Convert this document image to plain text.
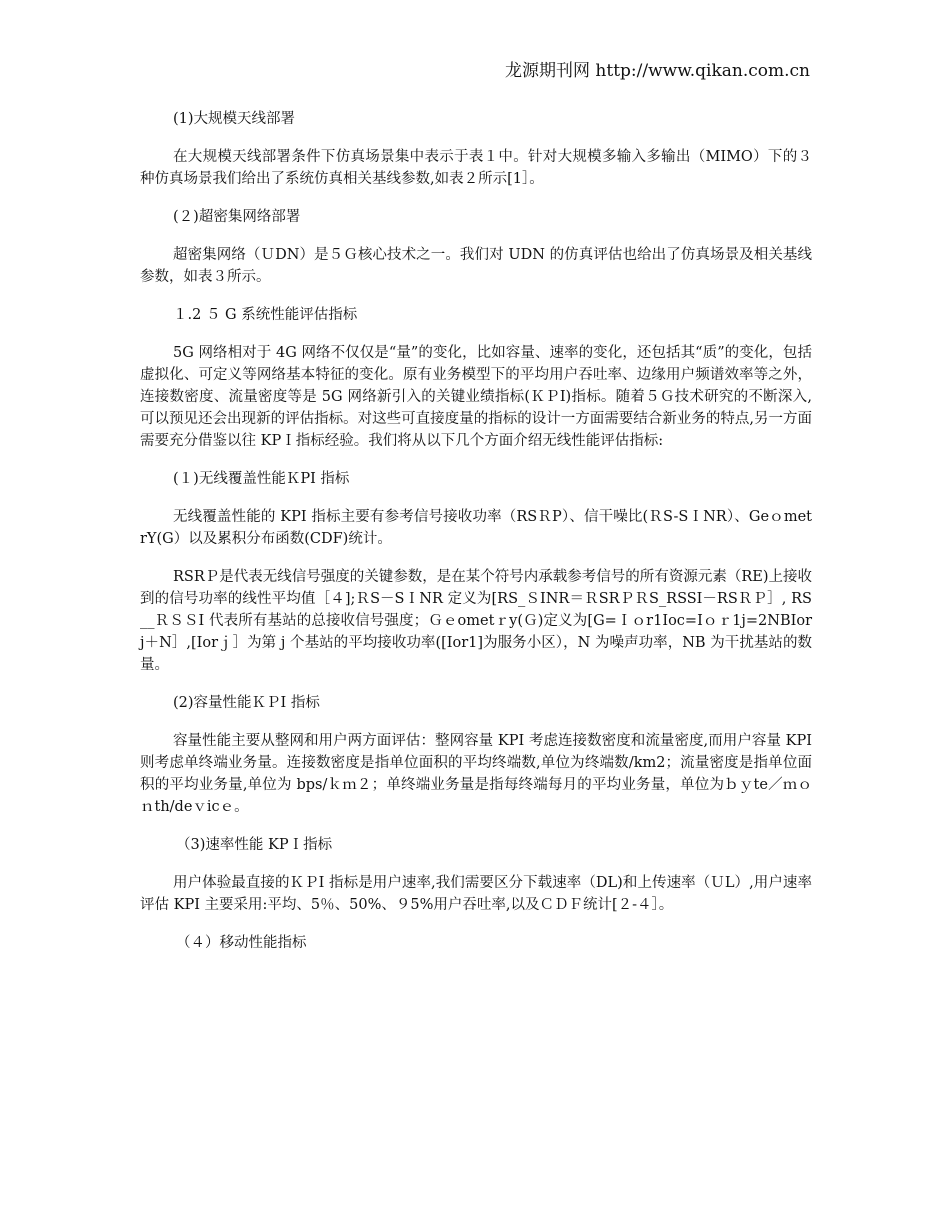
龙源期刊网 http://www.qikan.com.cn

(1)大规模天线部署

在大规模天线部署条件下仿真场景集中表示于表１中。针对大规模多输入多输出（MIMO）下的３种仿真场景我们给出了系统仿真相关基线参数,如表２所示[1］。

(２)超密集网络部署

超密集网络（ＵDN）是５Ｇ核心技术之一。我们对 UDN 的仿真评估也给出了仿真场景及相关基线参数，如表３所示。

１.2 ５ G 系统性能评估指标

5G 网络相对于 4G 网络不仅仅是“量”的变化，比如容量、速率的变化，还包括其“质”的变化，包括虚拟化、可定义等网络基本特征的变化。原有业务模型下的平均用户吞吐率、边缘用户频谱效率等之外，连接数密度、流量密度等是 5G 网络新引入的关键业绩指标(ＫＰI)指标。随着５Ｇ技术研究的不断深入,可以预见还会出现新的评估指标。对这些可直接度量的指标的设计一方面需要结合新业务的特点,另一方面需要充分借鉴以往 KPＩ指标经验。我们将从以下几个方面介绍无线性能评估指标:

(１)无线覆盖性能ＫPI 指标

无线覆盖性能的 KPI 指标主要有参考信号接收功率（RSＲP）、信干噪比(ＲS-SＩNR）、GeｏmetrY(G）以及累积分布函数(CDF)统计。

RSRＰ是代表无线信号强度的关键参数，是在某个符号内承载参考信号的所有资源元素（RE)上接收到的信号功率的线性平均值［４];ＲS－SＩNR 定义为[RS_ＳINR＝ＲSRＰＲS_RSSI－RSＲＰ］, RS__ＲＳＳI 代表所有基站的总接收信号强度；Ｇｅometｒy(Ｇ)定义为[G=Ｉｏr1Ioc=Iｏｒ1j=2NBIorj＋N］,[Iorｊ］为第 j 个基站的平均接收功率([Ior1]为服务小区），N 为噪声功率，NB 为干扰基站的数量。

(2)容量性能ＫＰI 指标

容量性能主要从整网和用户两方面评估：整网容量 KPI 考虑连接数密度和流量密度,而用户容量 KPI 则考虑单终端业务量。连接数密度是指单位面积的平均终端数,单位为终端数/km2；流量密度是指单位面积的平均业务量,单位为 bps/ｋｍ２；单终端业务量是指每终端每月的平均业务量，单位为ｂｙte／ｍｏｎth/deｖicｅ。

（3)速率性能 KPＩ指标

用户体验最直接的ＫＰI 指标是用户速率,我们需要区分下载速率（DL)和上传速率（ＵL）,用户速率评估 KPI 主要采用:平均、5％、50%、９5%用户吞吐率,以及ＣＤＦ统计[２-４］。

（４）移动性能指标
